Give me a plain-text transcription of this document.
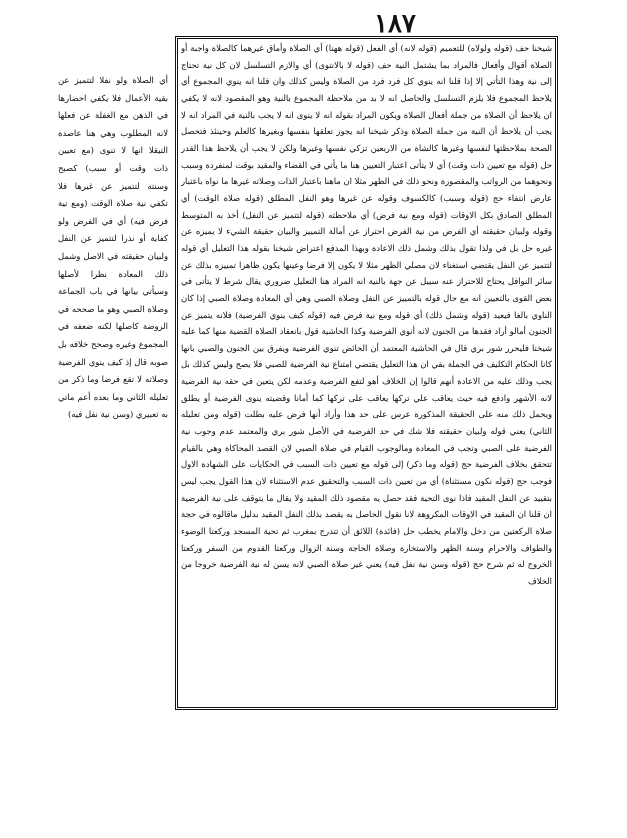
١٨٧

شيخنا حف (قوله ولولاه) للتعميم (قوله لانه) أي الفعل (قوله ههنا) أي الصلاة وأماق غيرهما كالصلاة واجبة أو الصلاة أقوال وأفعال فالمراد بما يشتمل النية حف (قوله لا بالانتوى) أي والازم التسلسل لان كل نية تحتاج إلى نية وهذا التأتي إلا إذا قلنا انه ينوي كل فرد فرد من الصلاة وليس كذلك وان قلنا انه ينوي المجموع أي يلاحظ المجموع فلا يلزم التسلسل والحاصل انه لا بد من ملاحظة المجموع بالنية وهو المقصود لانه لا يكفي ان يلاحظ أن الصلاة من جملة أفعال الصلاة ويكون المراد بقوله انه لا ينوى انه لا يجب بالنية في المراد انه لا يجب أن يلاحظ أن النية من جملة الصلاة وذكر شيخنا انه يجوز تعلقها بنفسها وبغيرها كالعلم وحينئذ فتحصل الصحة بملاحظتها لنفسها وغيرها كالشاة من الاربعين تزكي نفسها وغيرها ولكن لا يجب أن يلاحظ هذا القدر حل (قوله مع تعيين ذات وقت) أي لا يتأتى اعتبار التعيين هنا ما يأتي في القضاء والمقيد بوقت لمنفردة وسبب ونحوهما من الرواتب والمقصورة ونحو ذلك في الظهر مثلا ان ماهنا باعتبار الذات وصلاته غيرها ما نواه باعتبار عارض انتفاء حج (قوله وسبب) كالكسوف وقوله عن غيرها وهو النفل المطلق (قوله صلاة الوقت) أي المطلق الصادق بكل الاوقات (قوله ومع نية فرض) أي ملاحظته (قوله لتتميز عن النفل) أخذ به المتوسط وقوله ولبيان حقيقته أي الفرض من نية الفرض احتراز عن أمالة التمييز والبيان حقيقة الشيء لا يميزه عن غيره حل بل في ولذا تقول بذلك وشمل ذلك الاعادة وبهذا المدفع اعتراض شيخنا بقوله هذا التعليل أي قوله لتتميز عن النفل يقتضي استغناء لان مصلي الظهر مثلا لا يكون إلا فرضا وعينها يكون ظاهرا تمييزه بذلك عن سائر النوافل يحتاج للاحتراز عنه سبيل عن جهة بالنية انه المراد هنا التعليل ضروري يقال شرط لا يتأتى في بعض القوى بالتعيين انه مع حال قوله بالتمييز عن النفل وصلاة الصبي وهي أي المعادة وصلاة الصبي إذا كان الناوي بالغا فيعيد (قوله وشمل ذلك) أي قوله ومع نية فرض فيه (قوله كيف ينوي الفرضية) فلانه يتميز عن الجنون أمالو أراد فقدها من الجنون لانه أنوي الفرضية وكذا الحاشية قول بانعقاد الصلاة القضية منها كما عليه شيخنا فليحرر شور بري قال في الحاشية المعتمد أن الحائض تنوي الفرضية ويفرق بين الجنون والصبي بانها كانا الحكام التكليف في الجملة بقي ان هذا التعليل يقتضي امتناع نية الفرضية للصبي فلا يصح وليس كذلك بل يجب وذلك عليه من الاعادة أنهم قالوا إن الخلاف أهو لتفع الفرضية وعدمه لكن يتعين في حقه نية الفرضية لانه الأشهر وادفع فيه حيث يعاقب علي تركها يعاقب على تركها كما أمانا وقضيته ينوى الفرضية أو يطلق ويحمل ذلك منه على الحقيقة المذكورة عرس على حد هذا وأراد أنها فرض عليه بطلت (قوله ومن تعليله الثاني) يعني قوله ولبيان حقيقته فلا شك في حد الفرضية في الأصل شور بري والمعتمد عدم وجوب نية الفرضية على الصبي وتجب في المعادة ومالوجوب القيام في صلاة الصبي لان القصد المحاكاة وهي بالقيام تتحقق بخلاف الفرضية حج (قوله وما ذكر) إلى قوله مع تعيين ذات السبب في الحكايات على الشهادة الاول فوجب حج (قوله نكون مستثناة) أي من تعيين ذات السبب والتحقيق عدم الاستثناء لان هذا القول يجب ليس بتقييد عن النفل المقيد فاذا نوى التحية فقد حصل يه مقصود ذلك المقيد ولا يقال ما يتوقف على نية الفرضية ان قلنا ان المقيد في الاوقات المكروهة لانا نقول الحاصل به يقصد بذلك النفل المقيد بدليل ماقالوه في حجة صلاة الركعتين من دخل والامام يخطب حل (فائدة) اللائق أن تتدرج بمغرب ثم تحية المسجد وركعتا الوضوء والطواف والاحرام وسنة الظهر والاستخارة وصلاة الحاجة وسنة الزوال وركعتا القدوم من السفر وركعتا الخروج له ثم شرح حج (قوله وسن نية نفل فيه) يعني غير صلاة الصبي لانه يسن له نية الفرضية خروجا من الخلاف

أي الصلاة ولو نفلا لتتميز عن بقية الأعمال فلا يكفي احضارها في الذهن مع الغفلة عن فعلها لانه المطلوب وهي هنا عاصدة التيقلا انها لا تنوى (مع تعيين ذات وقت أو سبب) كصبح وسنته لتتميز عن غيرها فلا تكفي نية صلاة الوقت (ومع نية فرض فيه) أي في الفرض ولو كفاية أو نذرا لتتميز عن النفل ولبيان حقيقته في الاصل وشمل ذلك المعادة نظرا لأصلها وسيأتي بيانها في باب الجماعة وصلاة الصبي وهو ما صححه في الروضة كاصلها لكنه ضعفه في المجموع وغيره وصحح خلافه بل صوبه قال إذ كيف ينوي الفرضية وصلاته لا تقع فرضا وما ذكر من تعليله الثاني وما بعده أعم ماتي به تعبيري (وسن نية نفل فيه)
